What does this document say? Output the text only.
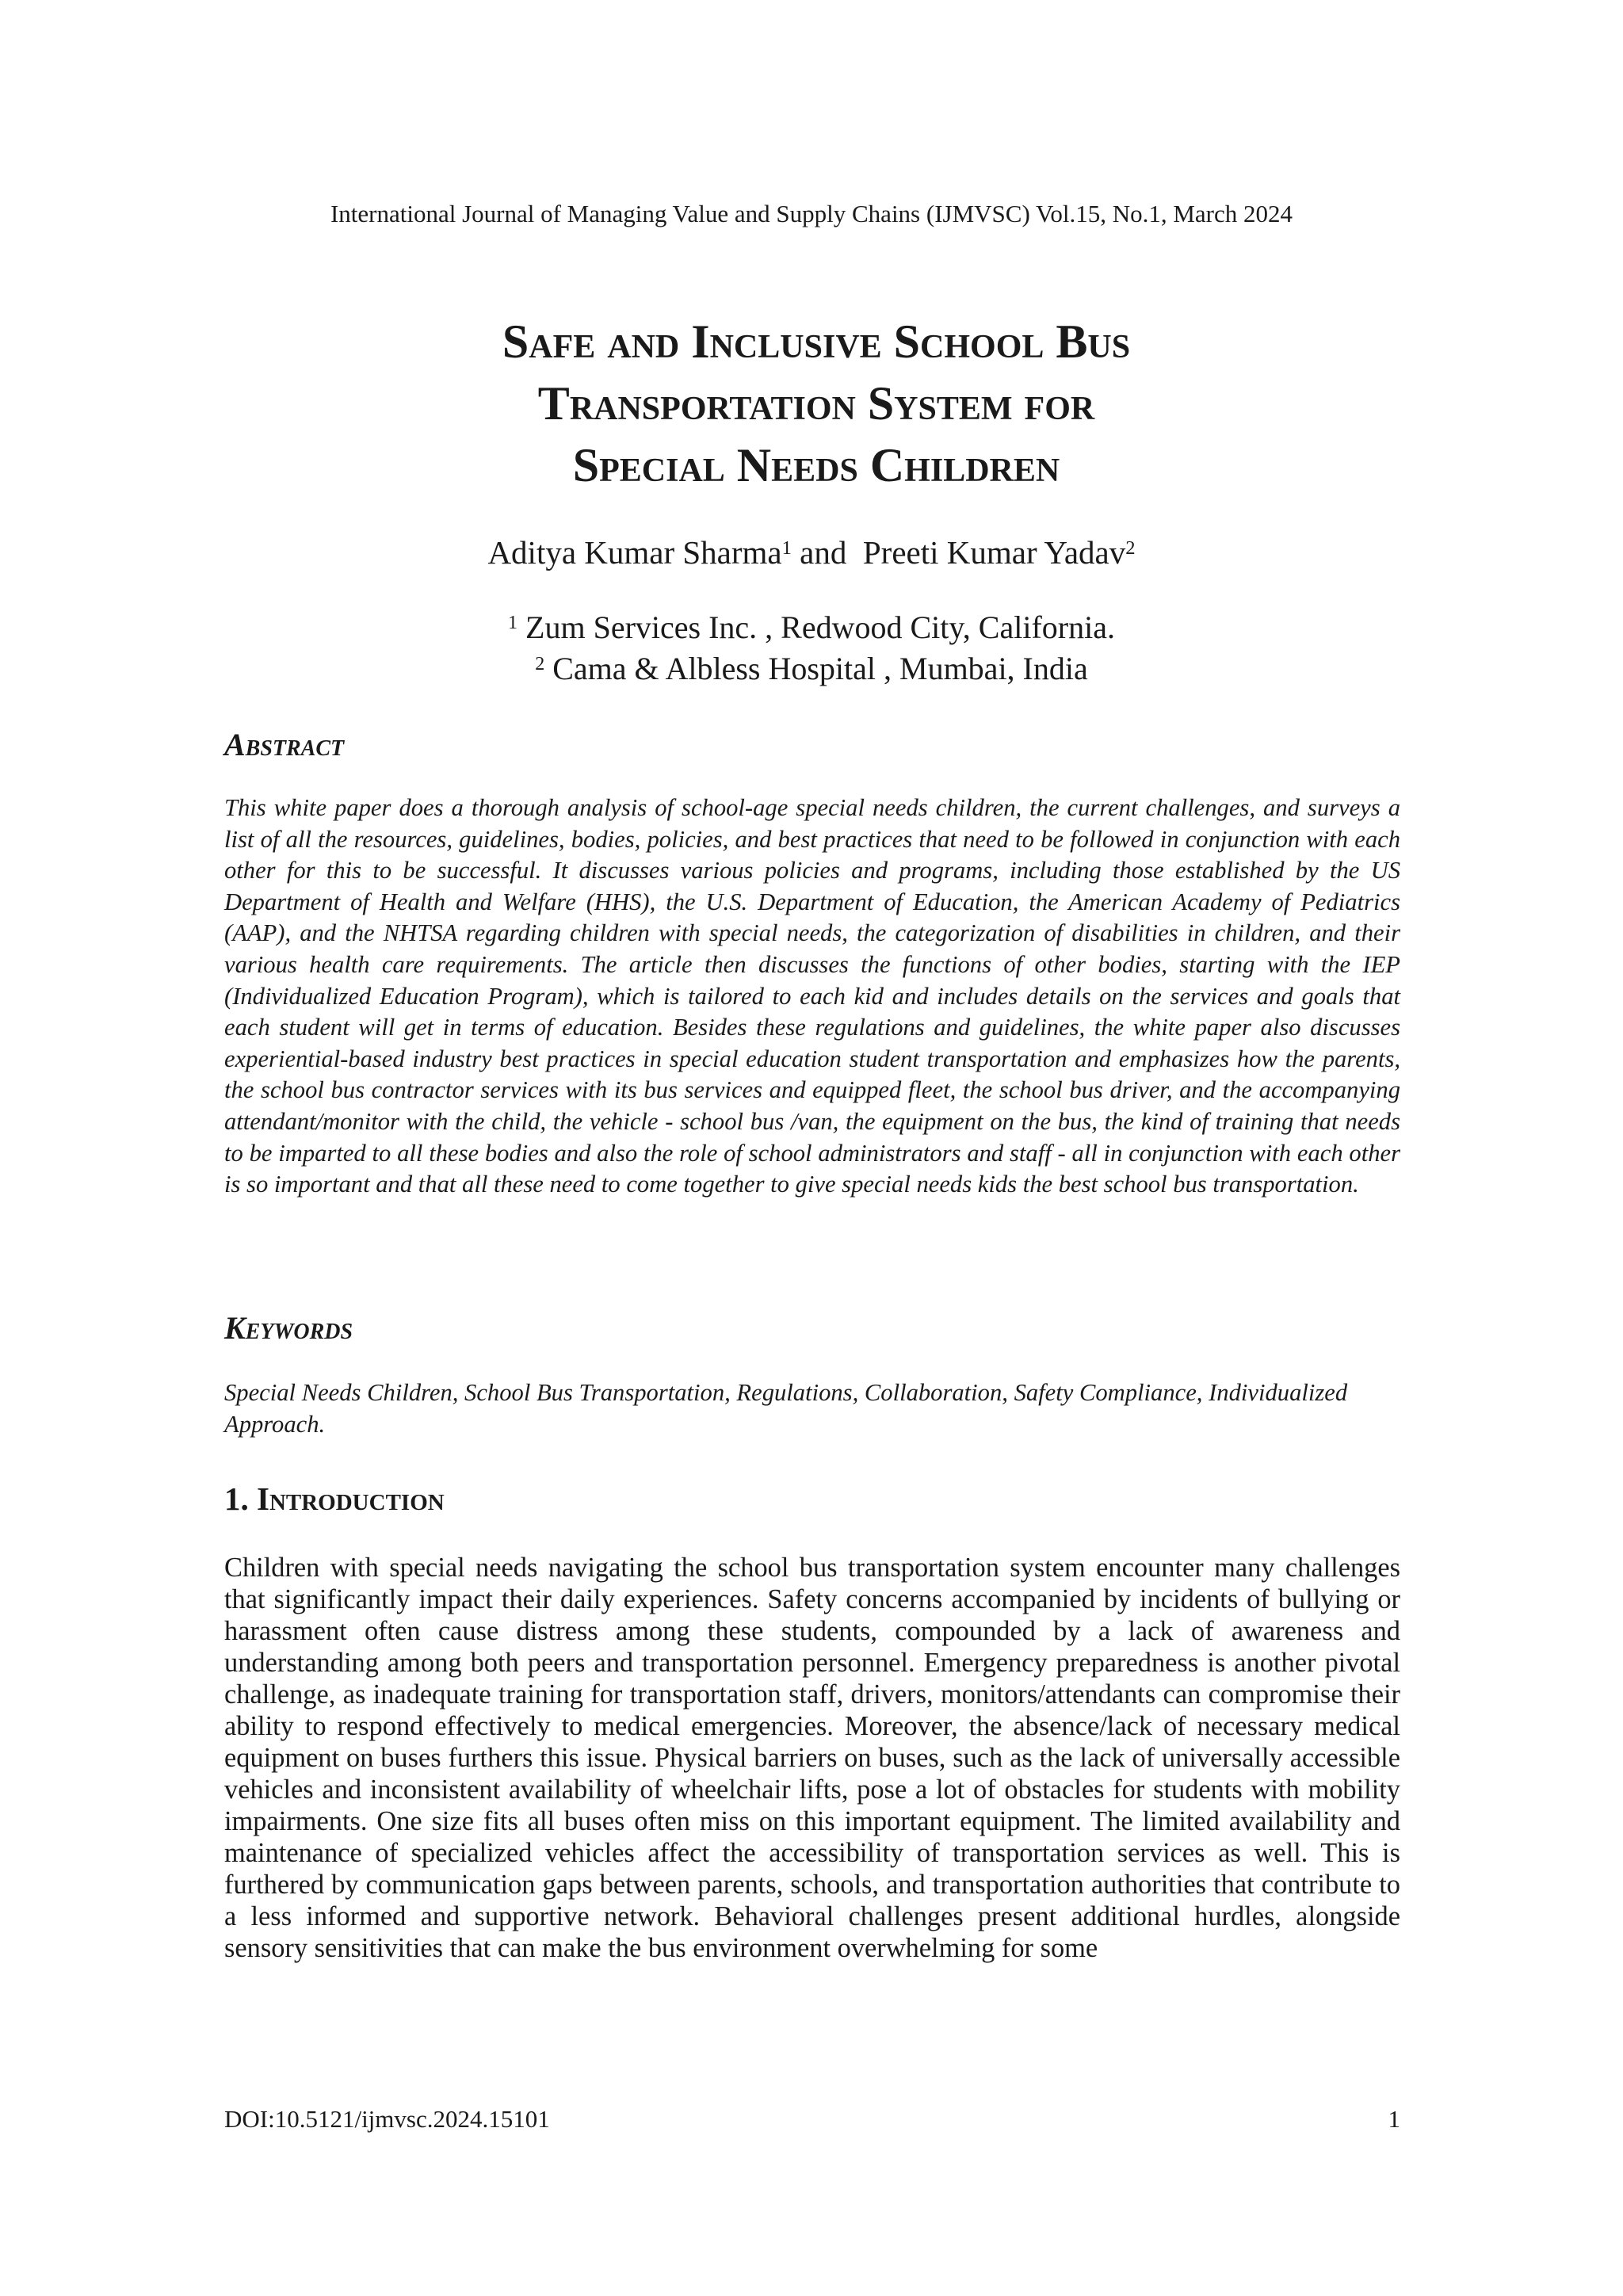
International Journal of Managing Value and Supply Chains (IJMVSC) Vol.15, No.1, March 2024
Safe and Inclusive School Bus
Transportation System for
Special Needs Children
Aditya Kumar Sharma$^1$ and Preeti Kumar Yadav$^2$
$^1$ Zum Services Inc. , Redwood City, California.
$^2$ Cama & Albless Hospital , Mumbai, India
Abstract
This white paper does a thorough analysis of school-age special needs children, the current challenges, and surveys a list of all the resources, guidelines, bodies, policies, and best practices that need to be followed in conjunction with each other for this to be successful. It discusses various policies and programs, including those established by the US Department of Health and Welfare (HHS), the U.S. Department of Education, the American Academy of Pediatrics (AAP), and the NHTSA regarding children with special needs, the categorization of disabilities in children, and their various health care requirements. The article then discusses the functions of other bodies, starting with the IEP (Individualized Education Program), which is tailored to each kid and includes details on the services and goals that each student will get in terms of education. Besides these regulations and guidelines, the white paper also discusses experiential-based industry best practices in special education student transportation and emphasizes how the parents, the school bus contractor services with its bus services and equipped fleet, the school bus driver, and the accompanying attendant/monitor with the child, the vehicle - school bus /van, the equipment on the bus, the kind of training that needs to be imparted to all these bodies and also the role of school administrators and staff - all in conjunction with each other is so important and that all these need to come together to give special needs kids the best school bus transportation.
Keywords
Special Needs Children, School Bus Transportation, Regulations, Collaboration, Safety Compliance, Individualized Approach.
1. Introduction
Children with special needs navigating the school bus transportation system encounter many challenges that significantly impact their daily experiences. Safety concerns accompanied by incidents of bullying or harassment often cause distress among these students, compounded by a lack of awareness and understanding among both peers and transportation personnel. Emergency preparedness is another pivotal challenge, as inadequate training for transportation staff, drivers, monitors/attendants can compromise their ability to respond effectively to medical emergencies. Moreover, the absence/lack of necessary medical equipment on buses furthers this issue. Physical barriers on buses, such as the lack of universally accessible vehicles and inconsistent availability of wheelchair lifts, pose a lot of obstacles for students with mobility impairments. One size fits all buses often miss on this important equipment. The limited availability and maintenance of specialized vehicles affect the accessibility of transportation services as well. This is furthered by communication gaps between parents, schools, and transportation authorities that contribute to a less informed and supportive network. Behavioral challenges present additional hurdles, alongside sensory sensitivities that can make the bus environment overwhelming for some
DOI:10.5121/ijmvsc.2024.15101	1
